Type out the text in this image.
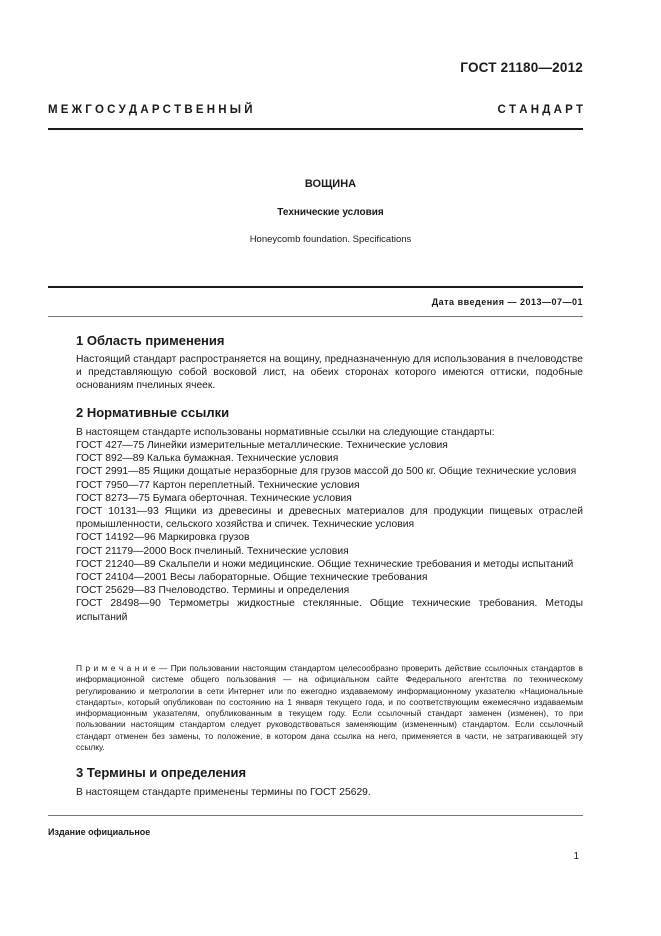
ГОСТ 21180—2012
М Е Ж Г О С У Д А Р С Т В Е Н Н Ы Й	С Т А Н Д А Р Т
ВОЩИНА
Технические условия
Honeycomb foundation. Specifications
Дата введения — 2013—07—01
1 Область применения
Настоящий стандарт распространяется на вощину, предназначенную для использования в пчеловодстве и представляющую собой восковой лист, на обеих сторонах которого имеются оттиски, подобные основаниям пчелиных ячеек.
2 Нормативные ссылки
В настоящем стандарте использованы нормативные ссылки на следующие стандарты:
ГОСТ 427—75 Линейки измерительные металлические. Технические условия
ГОСТ 892—89 Калька бумажная. Технические условия
ГОСТ 2991—85 Ящики дощатые неразборные для грузов массой до 500 кг. Общие технические условия
ГОСТ 7950—77 Картон переплетный. Технические условия
ГОСТ 8273—75 Бумага оберточная. Технические условия
ГОСТ 10131—93 Ящики из древесины и древесных материалов для продукции пищевых отраслей промышленности, сельского хозяйства и спичек. Технические условия
ГОСТ 14192—96 Маркировка грузов
ГОСТ 21179—2000 Воск пчелиный. Технические условия
ГОСТ 21240—89 Скальпели и ножи медицинские. Общие технические требования и методы испытаний
ГОСТ 24104—2001 Весы лабораторные. Общие технические требования
ГОСТ 25629—83 Пчеловодство. Термины и определения
ГОСТ 28498—90 Термометры жидкостные стеклянные. Общие технические требования. Методы испытаний
П р и м е ч а н и е — При пользовании настоящим стандартом целесообразно проверить действие ссылочных стандартов в информационной системе общего пользования — на официальном сайте Федерального агентства по техническому регулированию и метрологии в сети Интернет или по ежегодно издаваемому информационному указателю «Национальные стандарты», который опубликован по состоянию на 1 января текущего года, и по соответствующим ежемесячно издаваемым информационным указателям, опубликованным в текущем году. Если ссылочный стандарт заменен (изменен), то при пользовании настоящим стандартом следует руководствоваться заменяющим (измененным) стандартом. Если ссылочный стандарт отменен без замены, то положение, в котором дана ссылка на него, применяется в части, не затрагивающей эту ссылку.
3 Термины и определения
В настоящем стандарте применены термины по ГОСТ 25629.
Издание официальное
1
